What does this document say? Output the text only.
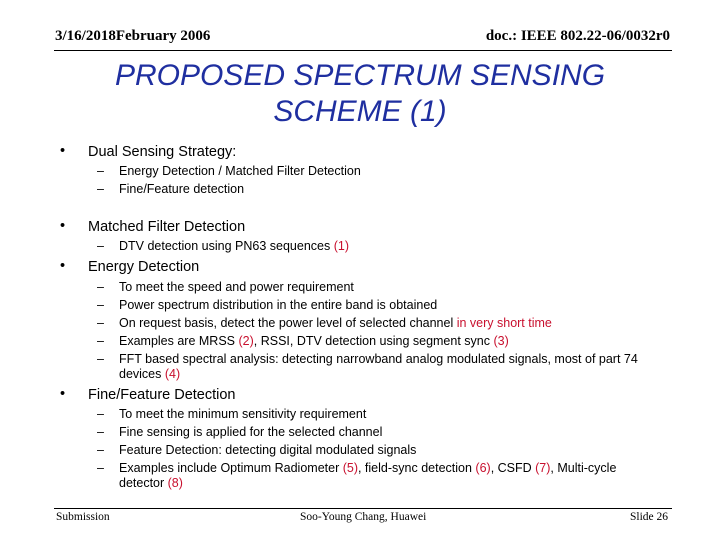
3/16/2018February 2006	doc.: IEEE 802.22-06/0032r0
PROPOSED SPECTRUM SENSING
SCHEME (1)
• Dual Sensing Strategy:
– Energy Detection / Matched Filter Detection
– Fine/Feature detection
• Matched Filter Detection
– DTV detection using PN63 sequences (1)
• Energy Detection
– To meet the speed and power requirement
– Power spectrum distribution in the entire band is obtained
– On request basis, detect the power level of selected channel in very short time
– Examples are MRSS (2), RSSI, DTV detection using segment sync (3)
– FFT based spectral analysis: detecting narrowband analog modulated signals, most of part 74 devices (4)
• Fine/Feature Detection
– To meet the minimum sensitivity requirement
– Fine sensing is applied for the selected channel
– Feature Detection: detecting digital modulated signals
– Examples include Optimum Radiometer (5), field-sync detection (6), CSFD (7), Multi-cycle detector (8)
Submission	Soo-Young Chang, Huawei	Slide 26
